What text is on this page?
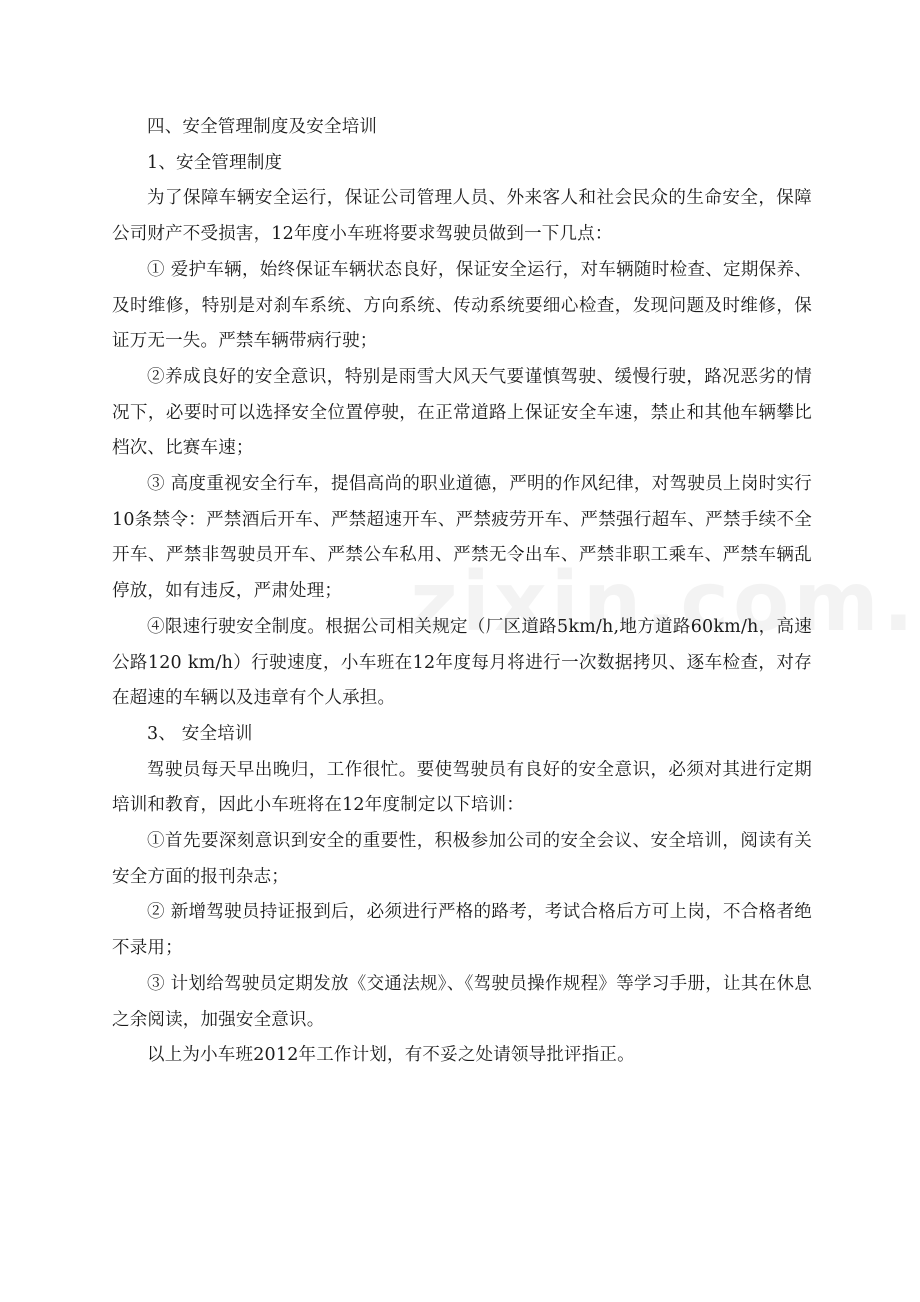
四、安全管理制度及安全培训

1、安全管理制度

为了保障车辆安全运行，保证公司管理人员、外来客人和社会民众的生命安全，保障公司财产不受损害，12年度小车班将要求驾驶员做到一下几点：

① 爱护车辆，始终保证车辆状态良好，保证安全运行，对车辆随时检查、定期保养、及时维修，特别是对刹车系统、方向系统、传动系统要细心检查，发现问题及时维修，保证万无一失。严禁车辆带病行驶；

②养成良好的安全意识，特别是雨雪大风天气要谨慎驾驶、缓慢行驶，路况恶劣的情况下，必要时可以选择安全位置停驶，在正常道路上保证安全车速，禁止和其他车辆攀比档次、比赛车速；

③ 高度重视安全行车，提倡高尚的职业道德，严明的作风纪律，对驾驶员上岗时实行10条禁令：严禁酒后开车、严禁超速开车、严禁疲劳开车、严禁强行超车、严禁手续不全开车、严禁非驾驶员开车、严禁公车私用、严禁无令出车、严禁非职工乘车、严禁车辆乱停放，如有违反，严肃处理；

④限速行驶安全制度。根据公司相关规定（厂区道路5km/h,地方道路60km/h，高速公路120 km/h）行驶速度，小车班在12年度每月将进行一次数据拷贝、逐车检查，对存在超速的车辆以及违章有个人承担。

3、 安全培训

驾驶员每天早出晚归，工作很忙。要使驾驶员有良好的安全意识，必须对其进行定期培训和教育，因此小车班将在12年度制定以下培训：

①首先要深刻意识到安全的重要性，积极参加公司的安全会议、安全培训，阅读有关安全方面的报刊杂志；

② 新增驾驶员持证报到后，必须进行严格的路考，考试合格后方可上岗，不合格者绝不录用；

③ 计划给驾驶员定期发放《交通法规》、《驾驶员操作规程》等学习手册，让其在休息之余阅读，加强安全意识。

以上为小车班2012年工作计划，有不妥之处请领导批评指正。
